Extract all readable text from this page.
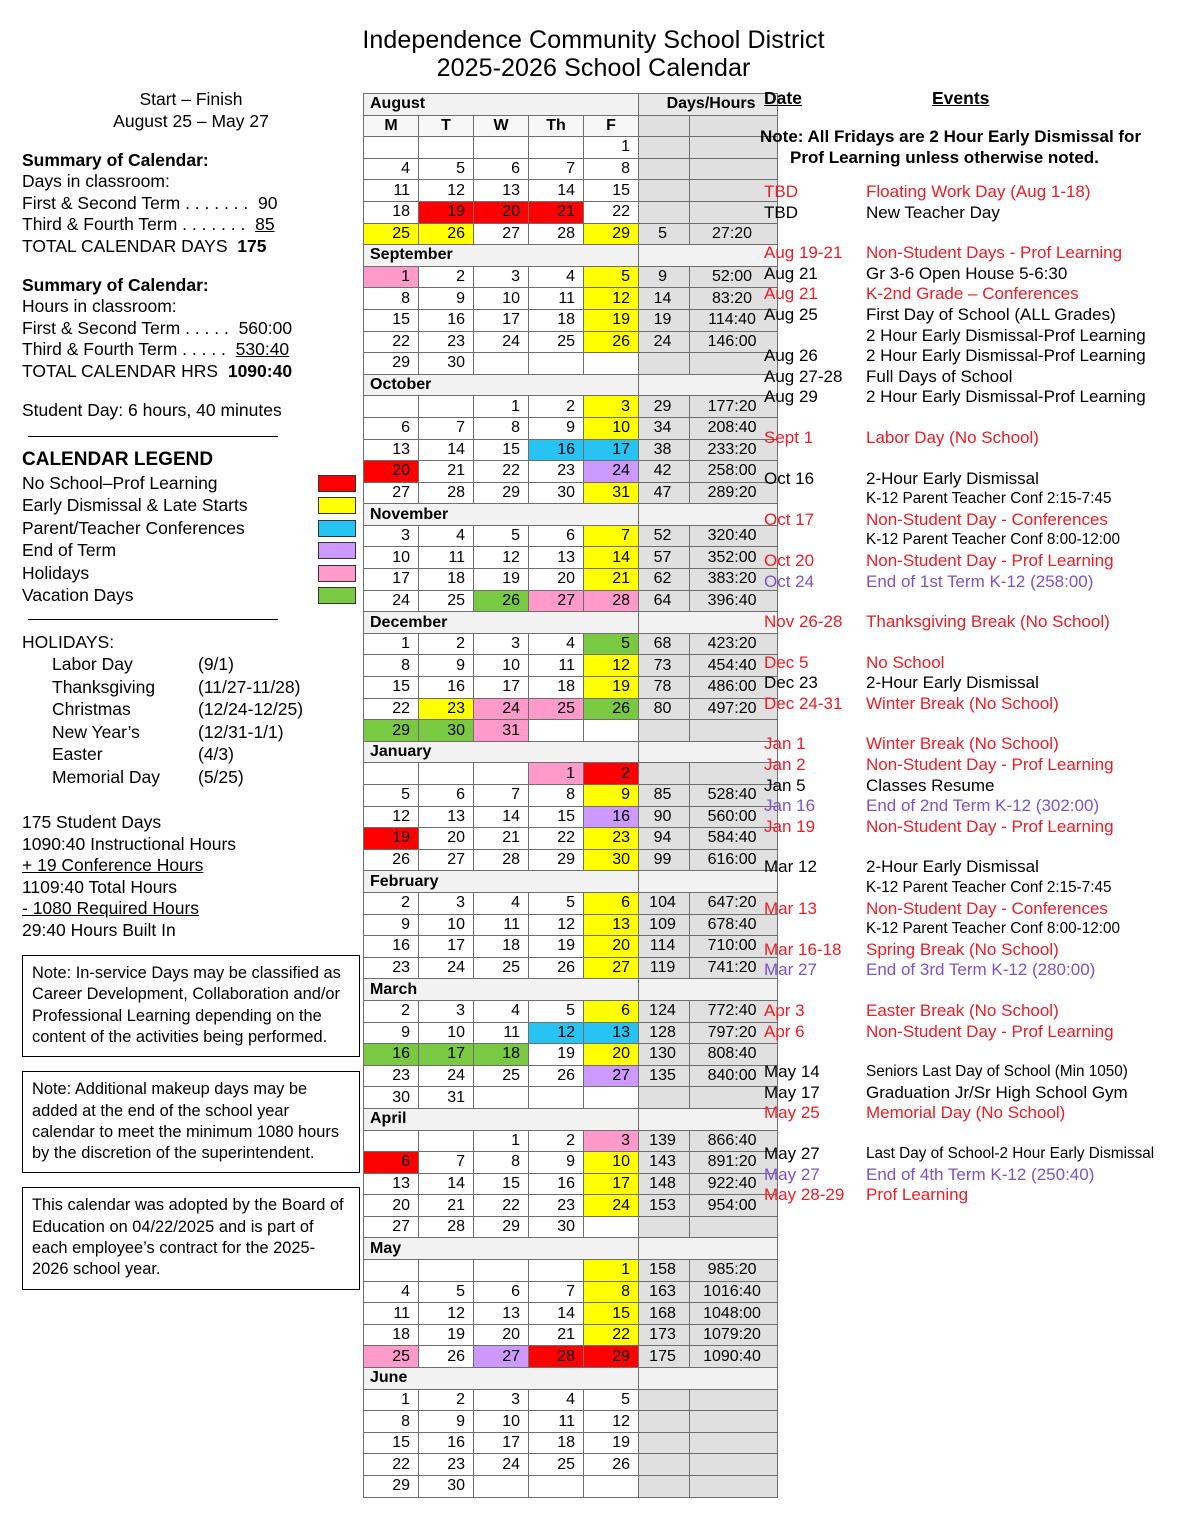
Independence Community School District
2025-2026 School Calendar
Start – Finish
August 25 – May 27
Summary of Calendar:
Days in classroom:
First & Second Term . . . . . . . 90
Third & Fourth Term . . . . . . . 85
TOTAL CALENDAR DAYS 175
Summary of Calendar:
Hours in classroom:
First & Second Term . . . . . 560:00
Third & Fourth Term . . . . . 530:40
TOTAL CALENDAR HRS 1090:40
Student Day: 6 hours, 40 minutes
CALENDAR LEGEND
No School–Prof Learning
Early Dismissal & Late Starts
Parent/Teacher Conferences
End of Term
Holidays
Vacation Days
HOLIDAYS:
Labor Day	(9/1)
Thanksgiving (11/27-11/28)
Christmas	(12/24-12/25)
New Year’s	(12/31-1/1)
Easter	(4/3)
Memorial Day (5/25)
175 Student Days
1090:40 Instructional Hours
+ 19 Conference Hours
1109:40 Total Hours
- 1080 Required Hours
29:40 Hours Built In
Note: In-service Days may be classified as Career Development, Collaboration and/or Professional Learning depending on the content of the activities being performed.
Note: Additional makeup days may be added at the end of the school year calendar to meet the minimum 1080 hours by the discretion of the superintendent.
This calendar was adopted by the Board of Education on 04/22/2025 and is part of each employee’s contract for the 2025-2026 school year.
August					Days/Hours	
M	T	W	Th	F		
				1		
4	5	6	7	8		
11	12	13	14	15		
18	19	20	21	22		
25	26	27	28	29	5	27:20
September						
1	2	3	4	5	9	52:00
8	9	10	11	12	14	83:20
15	16	17	18	19	19	114:40
22	23	24	25	26	24	146:00
29	30					
October						
		1	2	3	29	177:20
6	7	8	9	10	34	208:40
13	14	15	16	17	38	233:20
20	21	22	23	24	42	258:00
27	28	29	30	31	47	289:20
November						
3	4	5	6	7	52	320:40
10	11	12	13	14	57	352:00
17	18	19	20	21	62	383:20
24	25	26	27	28	64	396:40
December						
1	2	3	4	5	68	423:20
8	9	10	11	12	73	454:40
15	16	17	18	19	78	486:00
22	23	24	25	26	80	497:20
29	30	31				
January						
			1	2		
5	6	7	8	9	85	528:40
12	13	14	15	16	90	560:00
19	20	21	22	23	94	584:40
26	27	28	29	30	99	616:00
February						
2	3	4	5	6	104	647:20
9	10	11	12	13	109	678:40
16	17	18	19	20	114	710:00
23	24	25	26	27	119	741:20
March						
2	3	4	5	6	124	772:40
9	10	11	12	13	128	797:20
16	17	18	19	20	130	808:40
23	24	25	26	27	135	840:00
30	31					
April						
		1	2	3	139	866:40
6	7	8	9	10	143	891:20
13	14	15	16	17	148	922:40
20	21	22	23	24	153	954:00
27	28	29	30			
May						
				1	158	985:20
4	5	6	7	8	163	1016:40
11	12	13	14	15	168	1048:00
18	19	20	21	22	173	1079:20
25	26	27	28	29	175	1090:40
June						
1	2	3	4	5		
8	9	10	11	12		
15	16	17	18	19		
22	23	24	25	26		
29	30					
Date	Events
Note: All Fridays are 2 Hour Early Dismissal for
Prof Learning unless otherwise noted.
TBD	Floating Work Day (Aug 1-18)
TBD	New Teacher Day
Aug 19-21 Non-Student Days - Prof Learning
Aug 21	Gr 3-6 Open House 5-6:30
Aug 21	K-2nd Grade – Conferences
Aug 25	First Day of School (ALL Grades)
2 Hour Early Dismissal-Prof Learning
Aug 26	2 Hour Early Dismissal-Prof Learning
Aug 27-28 Full Days of School
Aug 29	2 Hour Early Dismissal-Prof Learning
Sept 1	Labor Day (No School)
Oct 16	2-Hour Early Dismissal
K-12 Parent Teacher Conf 2:15-7:45
Oct 17	Non-Student Day - Conferences
K-12 Parent Teacher Conf 8:00-12:00
Oct 20	Non-Student Day - Prof Learning
Oct 24	End of 1st Term K-12 (258:00)
Nov 26-28 Thanksgiving Break (No School)
Dec 5	No School
Dec 23	2-Hour Early Dismissal
Dec 24-31 Winter Break (No School)
Jan 1	Winter Break (No School)
Jan 2	Non-Student Day - Prof Learning
Jan 5	Classes Resume
Jan 16	End of 2nd Term K-12 (302:00)
Jan 19	Non-Student Day - Prof Learning
Mar 12	2-Hour Early Dismissal
K-12 Parent Teacher Conf 2:15-7:45
Mar 13	Non-Student Day - Conferences
K-12 Parent Teacher Conf 8:00-12:00
Mar 16-18 Spring Break (No School)
Mar 27	End of 3rd Term K-12 (280:00)
Apr 3	Easter Break (No School)
Apr 6	Non-Student Day - Prof Learning
May 14	Seniors Last Day of School (Min 1050)
May 17	Graduation Jr/Sr High School Gym
May 25	Memorial Day (No School)
May 27	Last Day of School-2 Hour Early Dismissal
May 27	End of 4th Term K-12 (250:40)
May 28-29 Prof Learning
